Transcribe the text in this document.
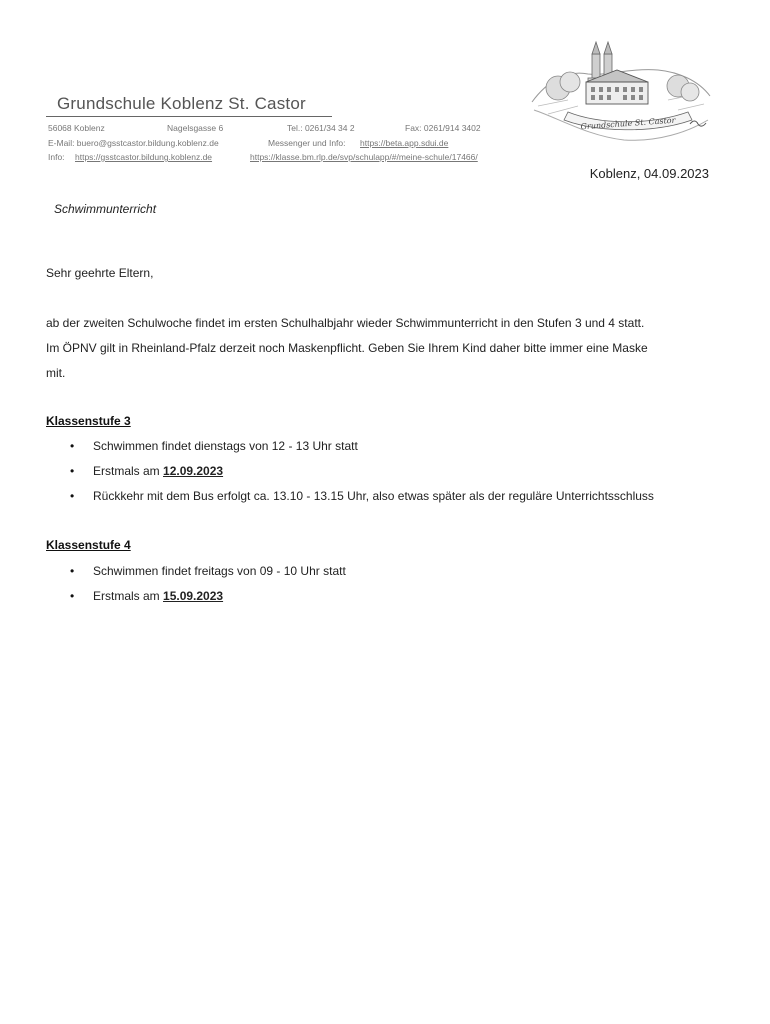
Grundschule Koblenz St. Castor
56068 Koblenz	Nagelsgasse 6	Tel.: 0261/34 34 2	Fax: 0261/914 3402
E-Mail: buero@gsstcastor.bildung.koblenz.de	Messenger und Info: https://beta.app.sdui.de
Info: https://gsstcastor.bildung.koblenz.de	https://klasse.bm.rlp.de/svp/schulapp/#/meine-schule/17466/
Grundschule St. Castor
Koblenz, 04.09.2023
Schwimmunterricht
Sehr geehrte Eltern,
ab der zweiten Schulwoche findet im ersten Schulhalbjahr wieder Schwimmunterricht in den Stufen 3 und 4 statt.
Im ÖPNV gilt in Rheinland-Pfalz derzeit noch Maskenpflicht. Geben Sie Ihrem Kind daher bitte immer eine Maske
mit.
Klassenstufe 3
• Schwimmen findet dienstags von 12 - 13 Uhr statt
• Erstmals am 12.09.2023
• Rückkehr mit dem Bus erfolgt ca. 13.10 - 13.15 Uhr, also etwas später als der reguläre Unterrichtsschluss
Klassenstufe 4
• Schwimmen findet freitags von 09 - 10 Uhr statt
• Erstmals am 15.09.2023
